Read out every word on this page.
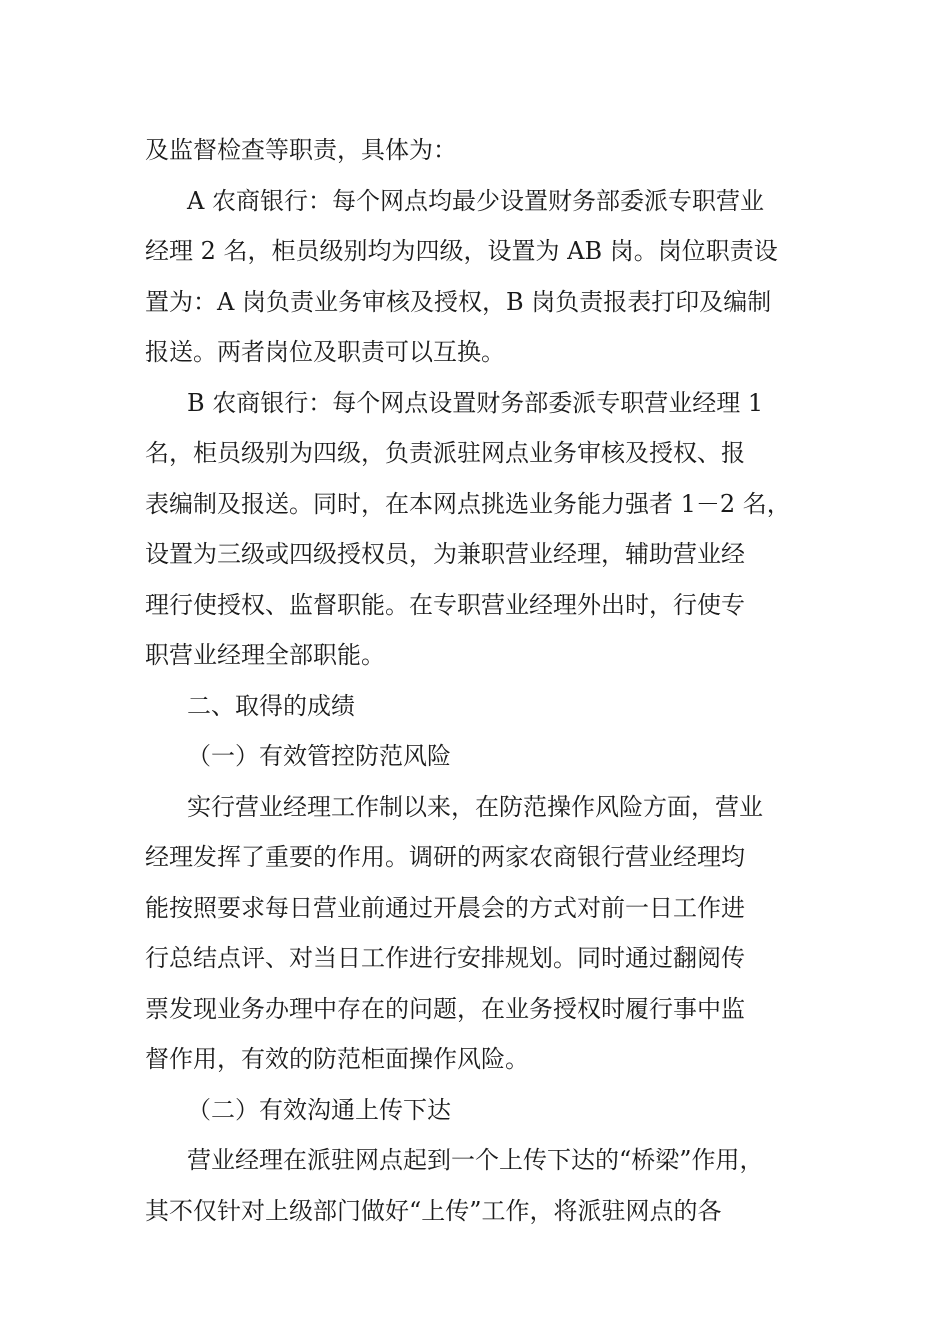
及监督检查等职责，具体为：
A 农商银行：每个网点均最少设置财务部委派专职营业
经理 2 名，柜员级别均为四级，设置为 AB 岗。岗位职责设
置为：A 岗负责业务审核及授权，B 岗负责报表打印及编制
报送。两者岗位及职责可以互换。
B 农商银行：每个网点设置财务部委派专职营业经理 1
名，柜员级别为四级，负责派驻网点业务审核及授权、报
表编制及报送。同时，在本网点挑选业务能力强者 1－2 名，
设置为三级或四级授权员，为兼职营业经理，辅助营业经
理行使授权、监督职能。在专职营业经理外出时，行使专
职营业经理全部职能。
二、取得的成绩
（一）有效管控防范风险
实行营业经理工作制以来，在防范操作风险方面，营业
经理发挥了重要的作用。调研的两家农商银行营业经理均
能按照要求每日营业前通过开晨会的方式对前一日工作进
行总结点评、对当日工作进行安排规划。同时通过翻阅传
票发现业务办理中存在的问题，在业务授权时履行事中监
督作用，有效的防范柜面操作风险。
（二）有效沟通上传下达
营业经理在派驻网点起到一个上传下达的“桥梁”作用，
其不仅针对上级部门做好“上传”工作，将派驻网点的各
